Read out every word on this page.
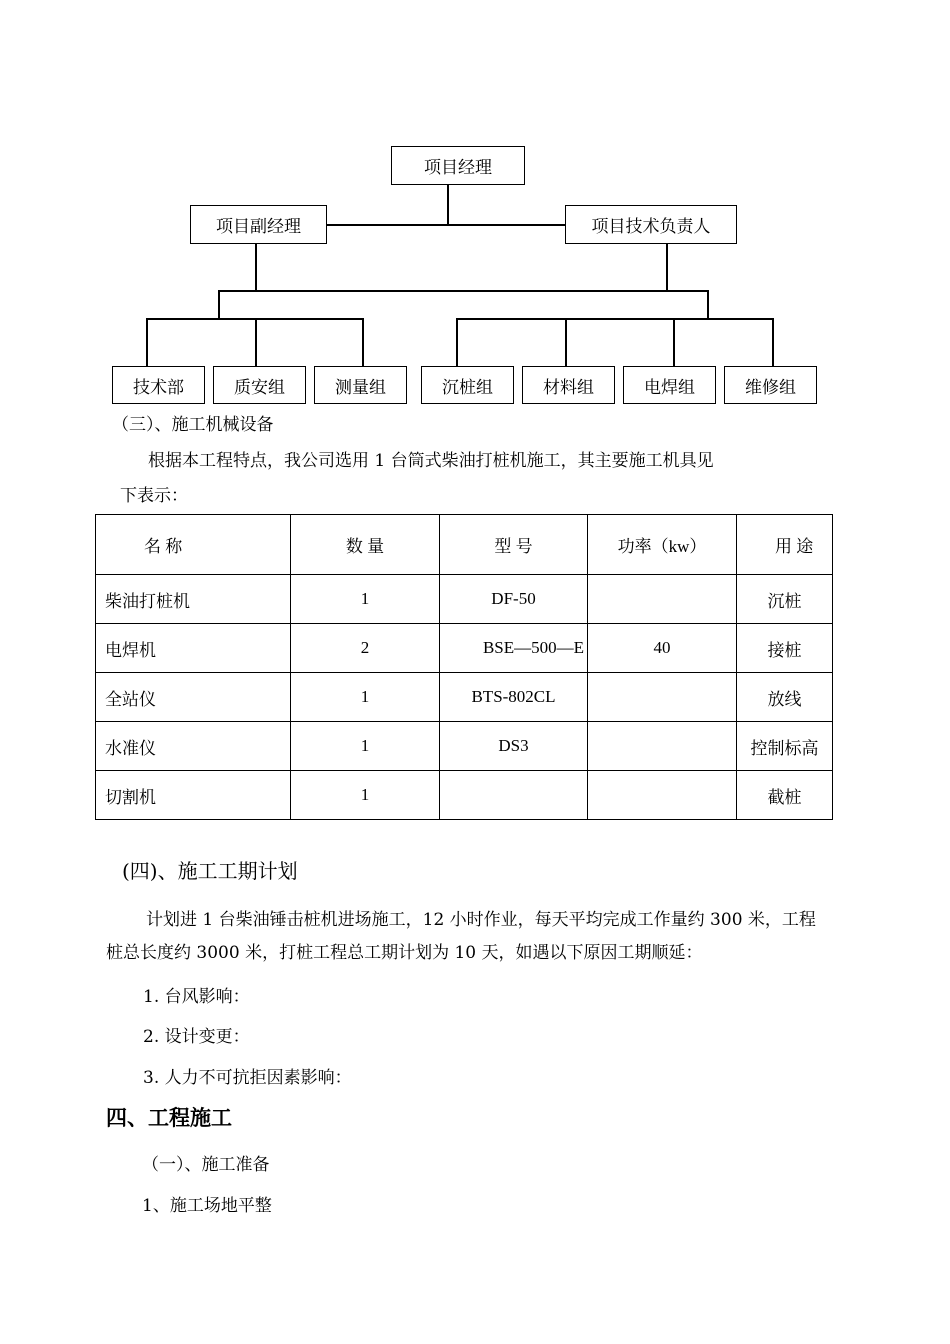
项目经理
项目副经理	项目技术负责人
技术部	质安组	测量组	沉桩组	材料组	电焊组	维修组
（三）、施工机械设备
根据本工程特点，我公司选用 1 台筒式柴油打桩机施工，其主要施工机具见
下表示：
名 称	数 量	型 号	功率（kw）	用 途
柴油打桩机	1	DF-50		沉桩
电焊机	2	BSE—500—E	40	接桩
全站仪	1	BTS-802CL		放线
水准仪	1	DS3		控制标高
切割机	1			截桩
(四)、施工工期计划
计划进 1 台柴油锤击桩机进场施工，12 小时作业，每天平均完成工作量约 300 米，工程
桩总长度约 3000 米，打桩工程总工期计划为 10 天，如遇以下原因工期顺延：
1. 台风影响：
2. 设计变更：
3. 人力不可抗拒因素影响：
四、工程施工
（一）、施工准备
1、施工场地平整
